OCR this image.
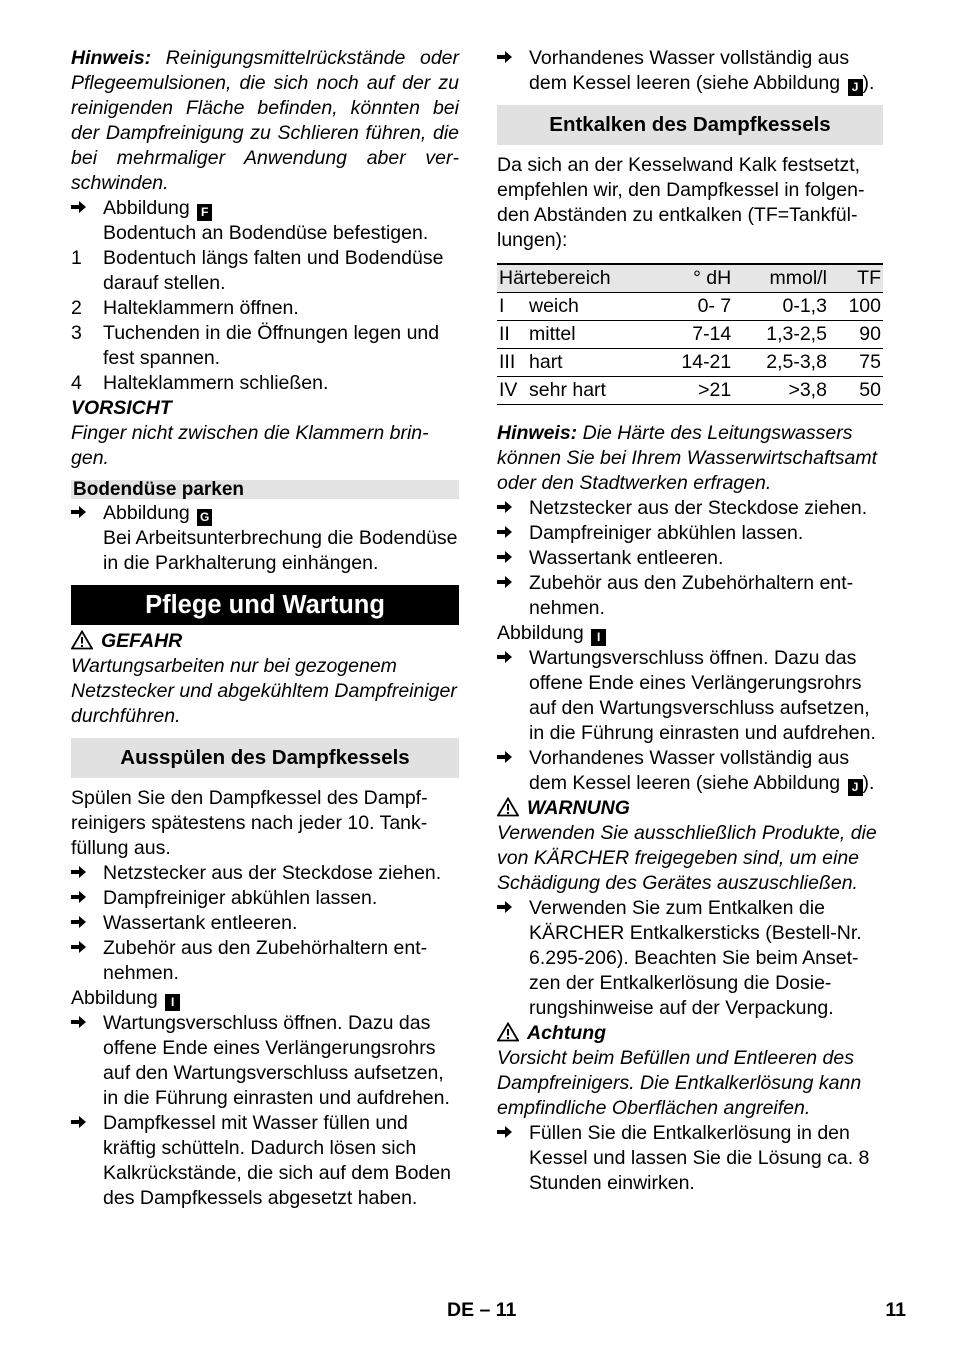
Hinweis: Reinigungsmittelrückstände oder Pflegeemulsionen, die sich noch auf der zu reinigenden Fläche befinden, könnten bei der Dampfreinigung zu Schlieren führen, die bei mehrmaliger Anwendung aber verschwinden.

Abbildung F
Bodentuch an Bodendüse befestigen.
1	Bodentuch längs falten und Bodendüse darauf stellen.
2	Halteklammern öffnen.
3	Tuchenden in die Öffnungen legen und fest spannen.
4	Halteklammern schließen.

VORSICHT

Finger nicht zwischen die Klammern bringen.

Bodendüse parken
Abbildung G
Bei Arbeitsunterbrechung die Bodendüse in die Parkhalterung einhängen.
Pflege und Wartung

GEFAHR

Wartungsarbeiten nur bei gezogenem Netzstecker und abgekühltem Dampfreiniger durchführen.

Ausspülen des Dampfkessels

Spülen Sie den Dampfkessel des Dampfreinigers spätestens nach jeder 10. Tankfüllung aus.

Netzstecker aus der Steckdose ziehen.
Dampfreiniger abkühlen lassen.
Wassertank entleeren.
Zubehör aus den Zubehörhaltern entnehmen.

Abbildung I

Wartungsverschluss öffnen. Dazu das offene Ende eines Verlängerungsrohrs auf den Wartungsverschluss aufsetzen, in die Führung einrasten und aufdrehen.
Dampfkessel mit Wasser füllen und kräftig schütteln. Dadurch lösen sich Kalkrückstände, die sich auf dem Boden des Dampfkessels abgesetzt haben.
Vorhandenes Wasser vollständig aus dem Kessel leeren (siehe Abbildung J ).
Entkalken des Dampfkessels

Da sich an der Kesselwand Kalk festsetzt, empfehlen wir, den Dampfkessel in folgenden Abständen zu entkalken (TF=Tankfüllungen):

Härtebereich		° dH	mmol/l	TF
I	weich	0- 7	0-1,3	100
II	mittel	7-14	1,3-2,5	90
III	hart	14-21	2,5-3,8	75
IV	sehr hart	>21	>3,8	50

Hinweis: Die Härte des Leitungswassers können Sie bei Ihrem Wasserwirtschaftsamt oder den Stadtwerken erfragen.

Netzstecker aus der Steckdose ziehen.
Dampfreiniger abkühlen lassen.
Wassertank entleeren.
Zubehör aus den Zubehörhaltern entnehmen.

Abbildung I

Wartungsverschluss öffnen. Dazu das offene Ende eines Verlängerungsrohrs auf den Wartungsverschluss aufsetzen, in die Führung einrasten und aufdrehen.
Vorhandenes Wasser vollständig aus dem Kessel leeren (siehe Abbildung J ).

WARNUNG

Verwenden Sie ausschließlich Produkte, die von KÄRCHER freigegeben sind, um eine Schädigung des Gerätes auszuschließen.

Verwenden Sie zum Entkalken die KÄRCHER Entkalkersticks (Bestell-Nr. 6.295-206). Beachten Sie beim Ansetzen der Entkalkerlösung die Dosierungshinweise auf der Verpackung.

Achtung

Vorsicht beim Befüllen und Entleeren des Dampfreinigers. Die Entkalkerlösung kann empfindliche Oberflächen angreifen.

Füllen Sie die Entkalkerlösung in den Kessel und lassen Sie die Lösung ca. 8 Stunden einwirken.
DE – 11	11
